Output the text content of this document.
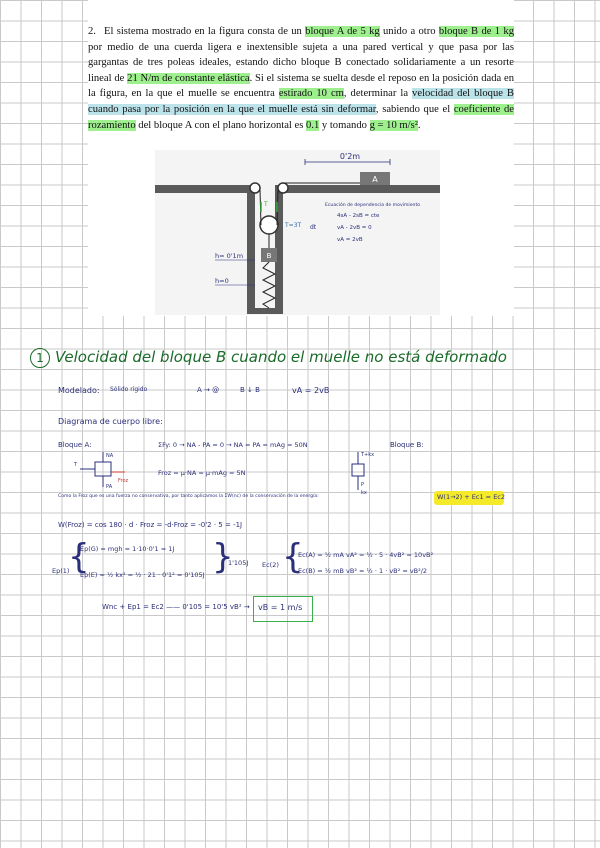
2. El sistema mostrado en la figura consta de un bloque A de 5 kg unido a otro bloque B de 1 kg por medio de una cuerda ligera e inextensible sujeta a una pared vertical y que pasa por las gargantas de tres poleas ideales, estando dicho bloque B conectado solidariamente a un resorte lineal de 21 N/m de constante elástica. Si el sistema se suelta desde el reposo en la posición dada en la figura, en la que el muelle se encuentra estirado 10 cm, determinar la velocidad del bloque B cuando pasa por la posición en la que el muelle está sin deformar, sabiendo que el coeficiente de rozamiento del bloque A con el plano horizontal es 0.1 y tomando g = 10 m/s².
A
0'2m
B
T
T=3T
h= 0'1m
h=0
Ecuación de dependencia de movimiento
dt
4sA - 2sB = cte
vA - 2vB = 0
vA = 2vB
1 Velocidad del bloque B cuando el muelle no está deformado
Modelado: Sólido rígido	A → @	B ↓ B	vA = 2vB
Diagrama de cuerpo libre:
Bloque A:	ΣFy: 0 → NA - PA = 0 → NA = PA = mAg = 50N
Froz = μ·NA = μ·mAg = 5N
Bloque B:
NA
T
Froz
PA
T+kx
P
kx
Como la Froz que es una fuerza no conservativa, por tanto aplicamos la ΣW(nc) de la conservación de la energía:	W(1→2) + Ec1 = Ec2
W(Froz) = cos 180 · d · Froz = -d·Froz = -0'2 · 5 = -1J
{
Ep(1)
Ep(G) = mgh = 1·10·0'1 = 1J
Ep(E) = ½ kx² = ½ · 21 · 0'1² = 0'105J }
1'105J {
Ec(2)
Ec(A) = ½ mA vA² = ½ · 5 · 4vB² = 10vB²
Ec(B) = ½ mB vB² = ½ · 1 · vB² = vB²/2
Wnc + Ep1 = Ec2 —— 0'105 = 10'5 vB² → vB = 1 m/s
